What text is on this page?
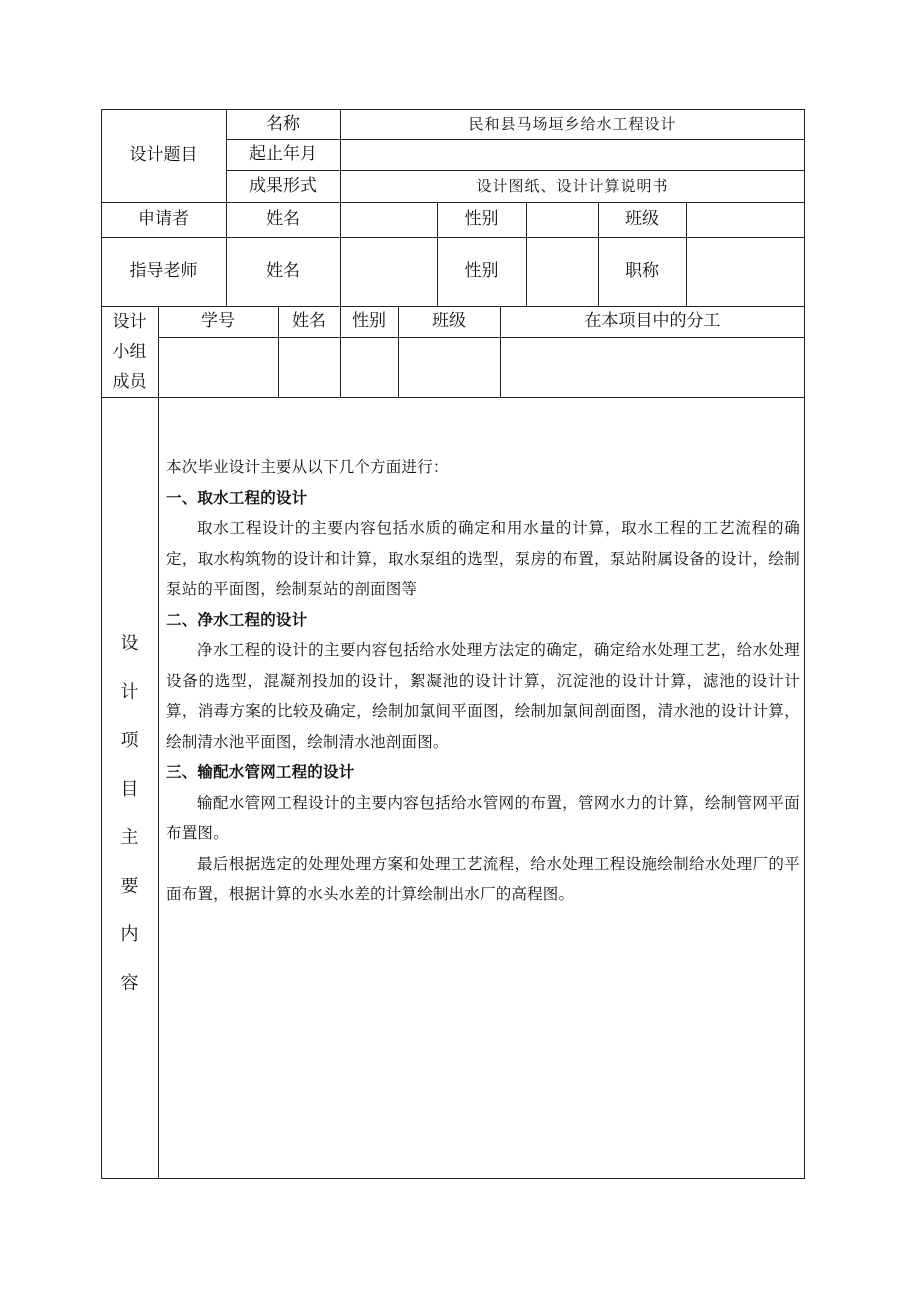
设计题目
名称	民和县马场垣乡给水工程设计
起止年月
成果形式	设计图纸、设计计算说明书
申请者	姓名	性别	班级
指导老师	姓名	性别	职称
设计
小组
成员
学号	姓名	性别	班级	在本项目中的分工
设
计
项
目
主
要
内
容

本次毕业设计主要从以下几个方面进行：

一、取水工程的设计

取水工程设计的主要内容包括水质的确定和用水量的计算，取水工程的工艺流程的确定，取水构筑物的设计和计算，取水泵组的选型，泵房的布置，泵站附属设备的设计，绘制泵站的平面图，绘制泵站的剖面图等

二、净水工程的设计

净水工程的设计的主要内容包括给水处理方法定的确定，确定给水处理工艺，给水处理设备的选型，混凝剂投加的设计，絮凝池的设计计算，沉淀池的设计计算，滤池的设计计算，消毒方案的比较及确定，绘制加氯间平面图，绘制加氯间剖面图，清水池的设计计算，绘制清水池平面图，绘制清水池剖面图。

三、输配水管网工程的设计

输配水管网工程设计的主要内容包括给水管网的布置，管网水力的计算，绘制管网平面布置图。

最后根据选定的处理处理方案和处理工艺流程，给水处理工程设施绘制给水处理厂的平面布置，根据计算的水头水差的计算绘制出水厂的高程图。
